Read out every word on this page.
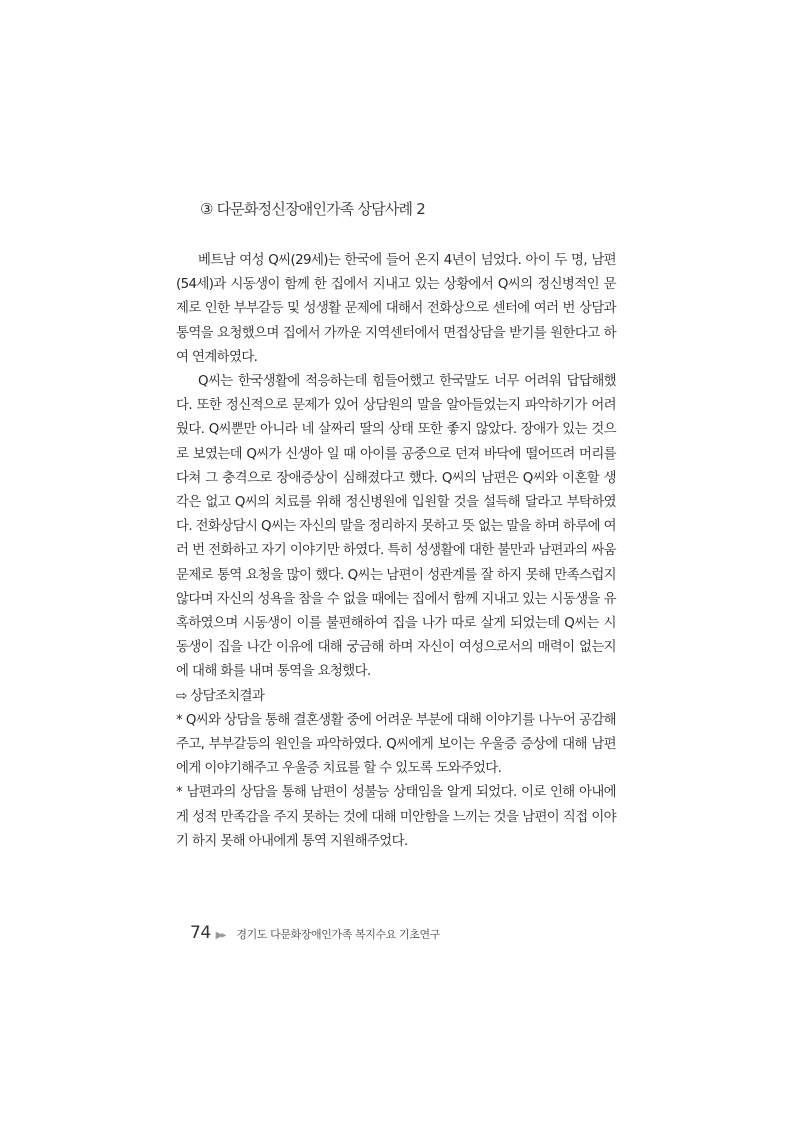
③ 다문화정신장애인가족 상담사례 2

베트남 여성 Q씨(29세)는 한국에 들어 온지 4년이 넘었다. 아이 두 명, 남편(54세)과 시동생이 함께 한 집에서 지내고 있는 상황에서 Q씨의 정신병적인 문제로 인한 부부갈등 및 성생활 문제에 대해서 전화상으로 센터에 여러 번 상담과 통역을 요청했으며 집에서 가까운 지역센터에서 면접상담을 받기를 원한다고 하여 연계하였다.

Q씨는 한국생활에 적응하는데 힘들어했고 한국말도 너무 어려워 답답해했다. 또한 정신적으로 문제가 있어 상담원의 말을 알아들었는지 파악하기가 어려웠다. Q씨뿐만 아니라 네 살짜리 딸의 상태 또한 좋지 않았다. 장애가 있는 것으로 보였는데 Q씨가 신생아 일 때 아이를 공중으로 던져 바닥에 떨어뜨려 머리를 다쳐 그 충격으로 장애증상이 심해졌다고 했다. Q씨의 남편은 Q씨와 이혼할 생각은 없고 Q씨의 치료를 위해 정신병원에 입원할 것을 설득해 달라고 부탁하였다. 전화상담시 Q씨는 자신의 말을 정리하지 못하고 뜻 없는 말을 하며 하루에 여러 번 전화하고 자기 이야기만 하였다. 특히 성생활에 대한 불만과 남편과의 싸움 문제로 통역 요청을 많이 했다. Q씨는 남편이 성관계를 잘 하지 못해 만족스럽지 않다며 자신의 성욕을 참을 수 없을 때에는 집에서 함께 지내고 있는 시동생을 유혹하였으며 시동생이 이를 불편해하여 집을 나가 따로 살게 되었는데 Q씨는 시동생이 집을 나간 이유에 대해 궁금해 하며 자신이 여성으로서의 매력이 없는지에 대해 화를 내며 통역을 요청했다.

⇨ 상담조치결과

* Q씨와 상담을 통해 결혼생활 중에 어려운 부분에 대해 이야기를 나누어 공감해주고, 부부갈등의 원인을 파악하였다. Q씨에게 보이는 우울증 증상에 대해 남편에게 이야기해주고 우울증 치료를 할 수 있도록 도와주었다.

* 남편과의 상담을 통해 남편이 성불능 상태임을 알게 되었다. 이로 인해 아내에게 성적 만족감을 주지 못하는 것에 대해 미안함을 느끼는 것을 남편이 직접 이야기 하지 못해 아내에게 통역 지원해주었다.

74 ▶▸ 경기도 다문화장애인가족 복지수요 기초연구
